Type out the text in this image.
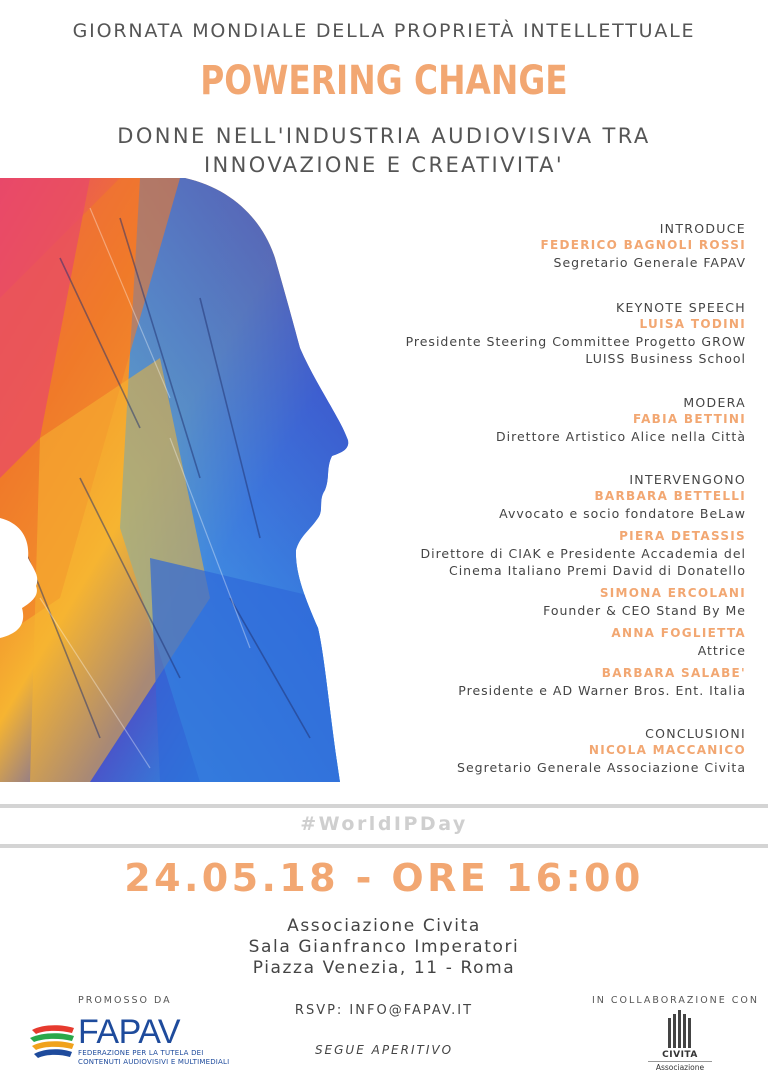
GIORNATA MONDIALE DELLA PROPRIETÀ INTELLETTUALE
POWERING CHANGE
DONNE NELL'INDUSTRIA AUDIOVISIVA TRA
INNOVAZIONE E CREATIVITA'
INTRODUCE
FEDERICO BAGNOLI ROSSI
Segretario Generale FAPAV
KEYNOTE SPEECH
LUISA TODINI
Presidente Steering Committee Progetto GROW
LUISS Business School
MODERA
FABIA BETTINI
Direttore Artistico Alice nella Città
INTERVENGONO
BARBARA BETTELLI
Avvocato e socio fondatore BeLaw
PIERA DETASSIS
Direttore di CIAK e Presidente Accademia del
Cinema Italiano Premi David di Donatello
SIMONA ERCOLANI
Founder & CEO Stand By Me
ANNA FOGLIETTA
Attrice
BARBARA SALABE'
Presidente e AD Warner Bros. Ent. Italia
CONCLUSIONI
NICOLA MACCANICO
Segretario Generale Associazione Civita
#WorldIPDay
24.05.18 - ORE 16:00
Associazione Civita
Sala Gianfranco Imperatori
Piazza Venezia, 11 - Roma
PROMOSSO DA	IN COLLABORAZIONE CON
RSVP: INFO@FAPAV.IT
SEGUE APERITIVO
FAPAV
FEDERAZIONE PER LA TUTELA DEI
CONTENUTI AUDIOVISIVI E MULTIMEDIALI
CIVITA
Associazione
